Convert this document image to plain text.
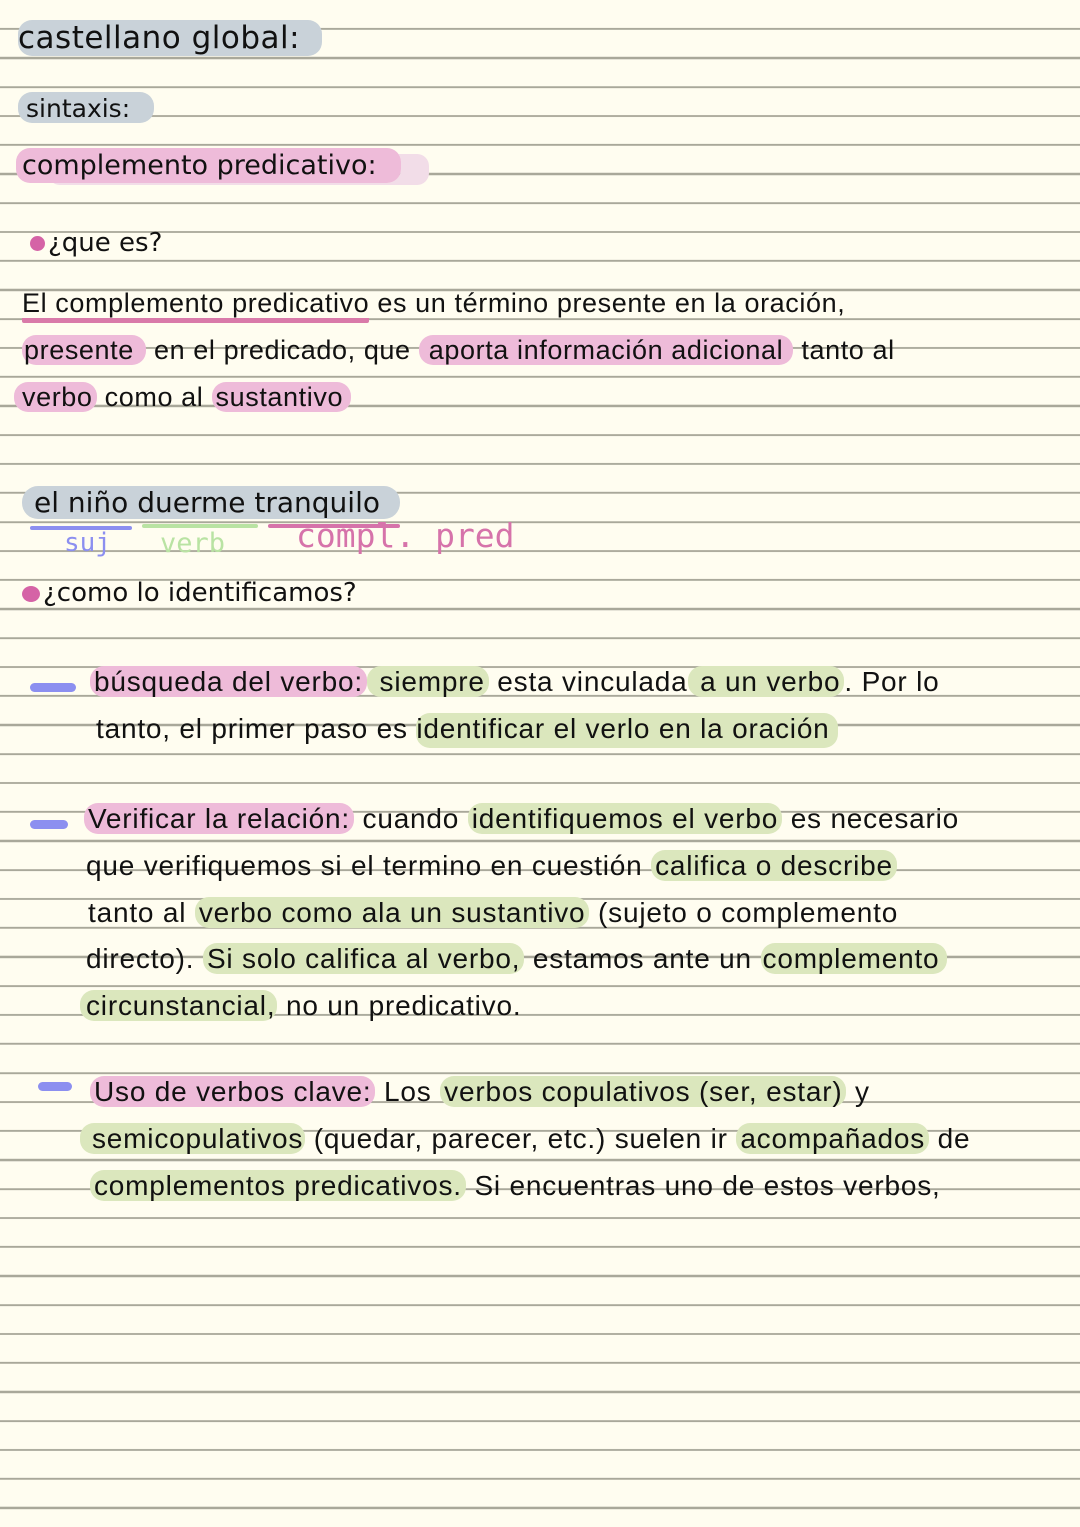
castellano global:
sintaxis:
complemento predicativo:
¿que es?
El complemento predicativo es un término presente en la oración,
presente en el predicado, que aporta información adicional tanto al
verbo como al sustantivo
el niño duerme tranquilo
suj verb compl. pred
¿como lo identificamos?
búsqueda del verbo: siempre esta vinculada a un verbo . Por lo
tanto, el primer paso es identificar el verlo en la oración
Verificar la relación: cuando identifiquemos el verbo es necesario
que verifiquemos si el termino en cuestión califica o describe
tanto al verbo como ala un sustantivo (sujeto o complemento
directo). Si solo califica al verbo, estamos ante un complemento
circunstancial, no un predicativo.
Uso de verbos clave: Los verbos copulativos (ser, estar) y
semicopulativos (quedar, parecer, etc.) suelen ir acompañados de
complementos predicativos. Si encuentras uno de estos verbos,
